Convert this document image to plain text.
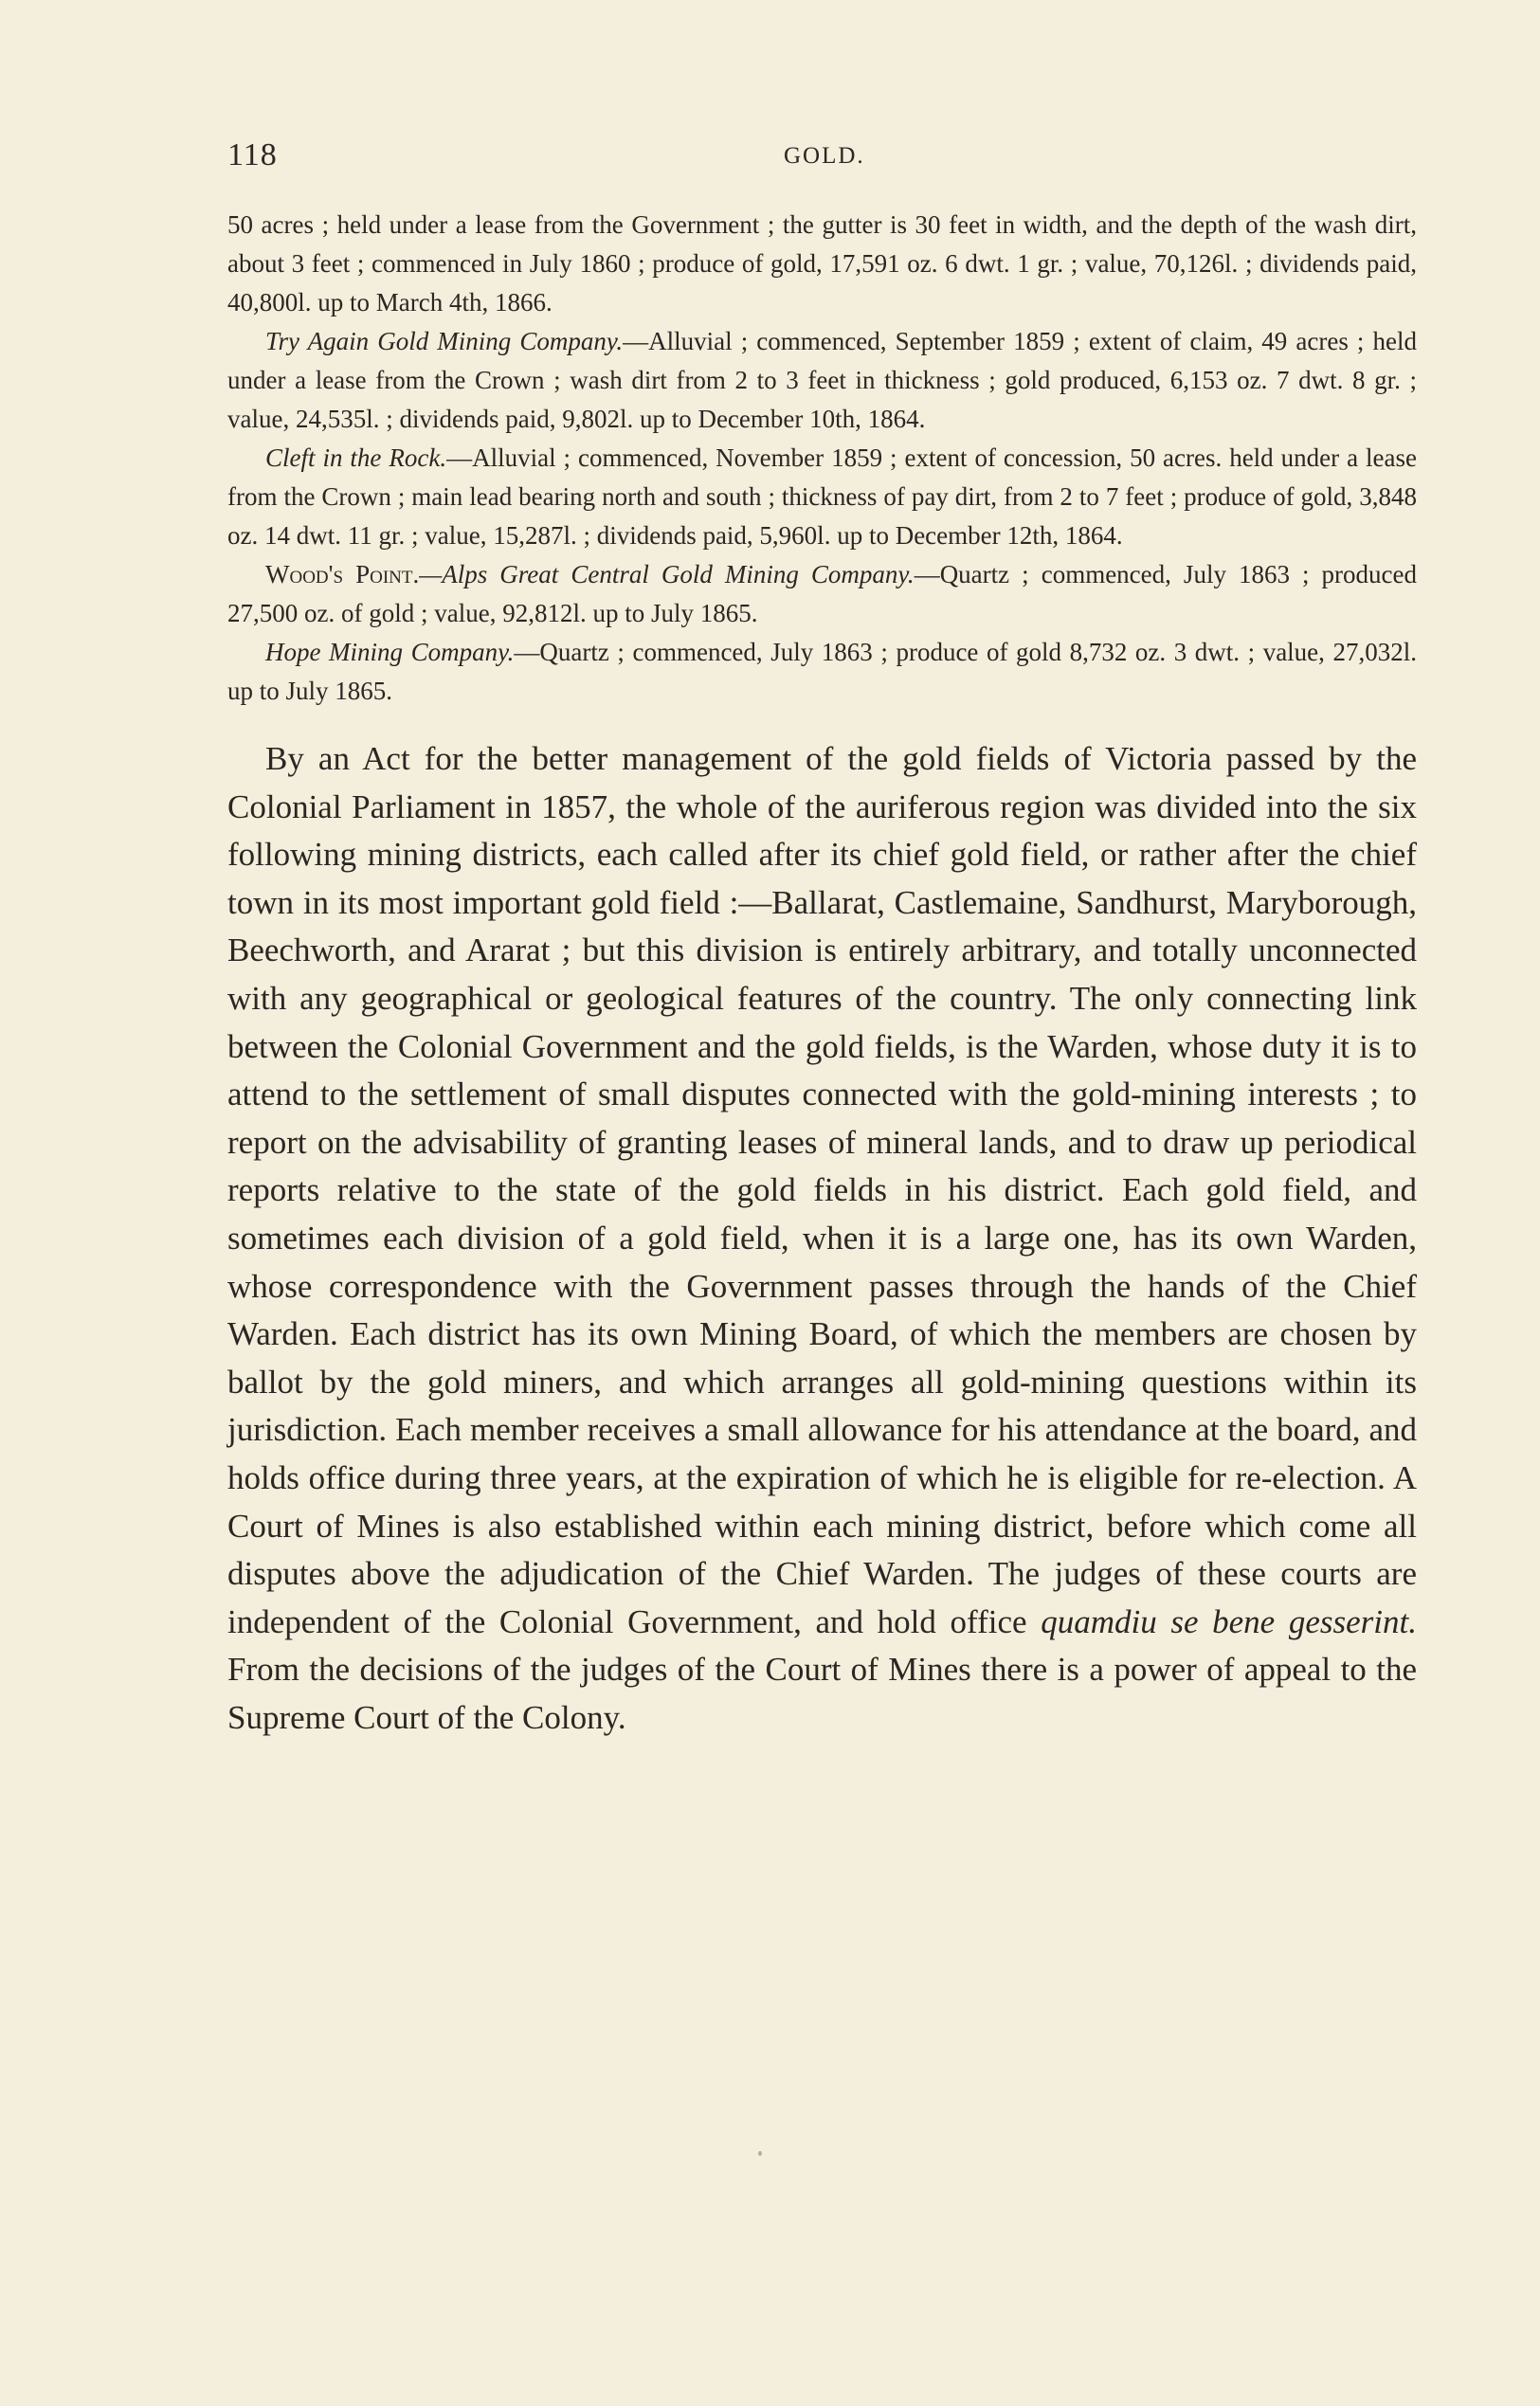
118	GOLD.

50 acres ; held under a lease from the Government ; the gutter is 30 feet in width, and the depth of the wash dirt, about 3 feet ; commenced in July 1860 ; produce of gold, 17,591 oz. 6 dwt. 1 gr. ; value, 70,126l. ; dividends paid, 40,800l. up to March 4th, 1866.

Try Again Gold Mining Company.—Alluvial ; commenced, September 1859 ; extent of claim, 49 acres ; held under a lease from the Crown ; wash dirt from 2 to 3 feet in thickness ; gold produced, 6,153 oz. 7 dwt. 8 gr. ; value, 24,535l. ; dividends paid, 9,802l. up to December 10th, 1864.

Cleft in the Rock.—Alluvial ; commenced, November 1859 ; extent of concession, 50 acres. held under a lease from the Crown ; main lead bearing north and south ; thickness of pay dirt, from 2 to 7 feet ; produce of gold, 3,848 oz. 14 dwt. 11 gr. ; value, 15,287l. ; dividends paid, 5,960l. up to December 12th, 1864.

Wood's Point.—Alps Great Central Gold Mining Company.—Quartz ; commenced, July 1863 ; produced 27,500 oz. of gold ; value, 92,812l. up to July 1865.

Hope Mining Company.—Quartz ; commenced, July 1863 ; produce of gold 8,732 oz. 3 dwt. ; value, 27,032l. up to July 1865.

By an Act for the better management of the gold fields of Victoria passed by the Colonial Parliament in 1857, the whole of the auriferous region was divided into the six following mining districts, each called after its chief gold field, or rather after the chief town in its most important gold field :—Ballarat, Castlemaine, Sandhurst, Maryborough, Beechworth, and Ararat ; but this division is entirely arbitrary, and totally unconnected with any geographical or geological features of the country. The only connecting link between the Colonial Government and the gold fields, is the Warden, whose duty it is to attend to the settlement of small disputes connected with the gold-mining interests ; to report on the advisability of granting leases of mineral lands, and to draw up periodical reports relative to the state of the gold fields in his district. Each gold field, and sometimes each division of a gold field, when it is a large one, has its own Warden, whose correspondence with the Government passes through the hands of the Chief Warden. Each district has its own Mining Board, of which the members are chosen by ballot by the gold miners, and which arranges all gold-mining questions within its jurisdiction. Each member receives a small allowance for his attendance at the board, and holds office during three years, at the expiration of which he is eligible for re-election. A Court of Mines is also established within each mining district, before which come all disputes above the adjudication of the Chief Warden. The judges of these courts are independent of the Colonial Government, and hold office quamdiu se bene gesserint. From the decisions of the judges of the Court of Mines there is a power of appeal to the Supreme Court of the Colony.
